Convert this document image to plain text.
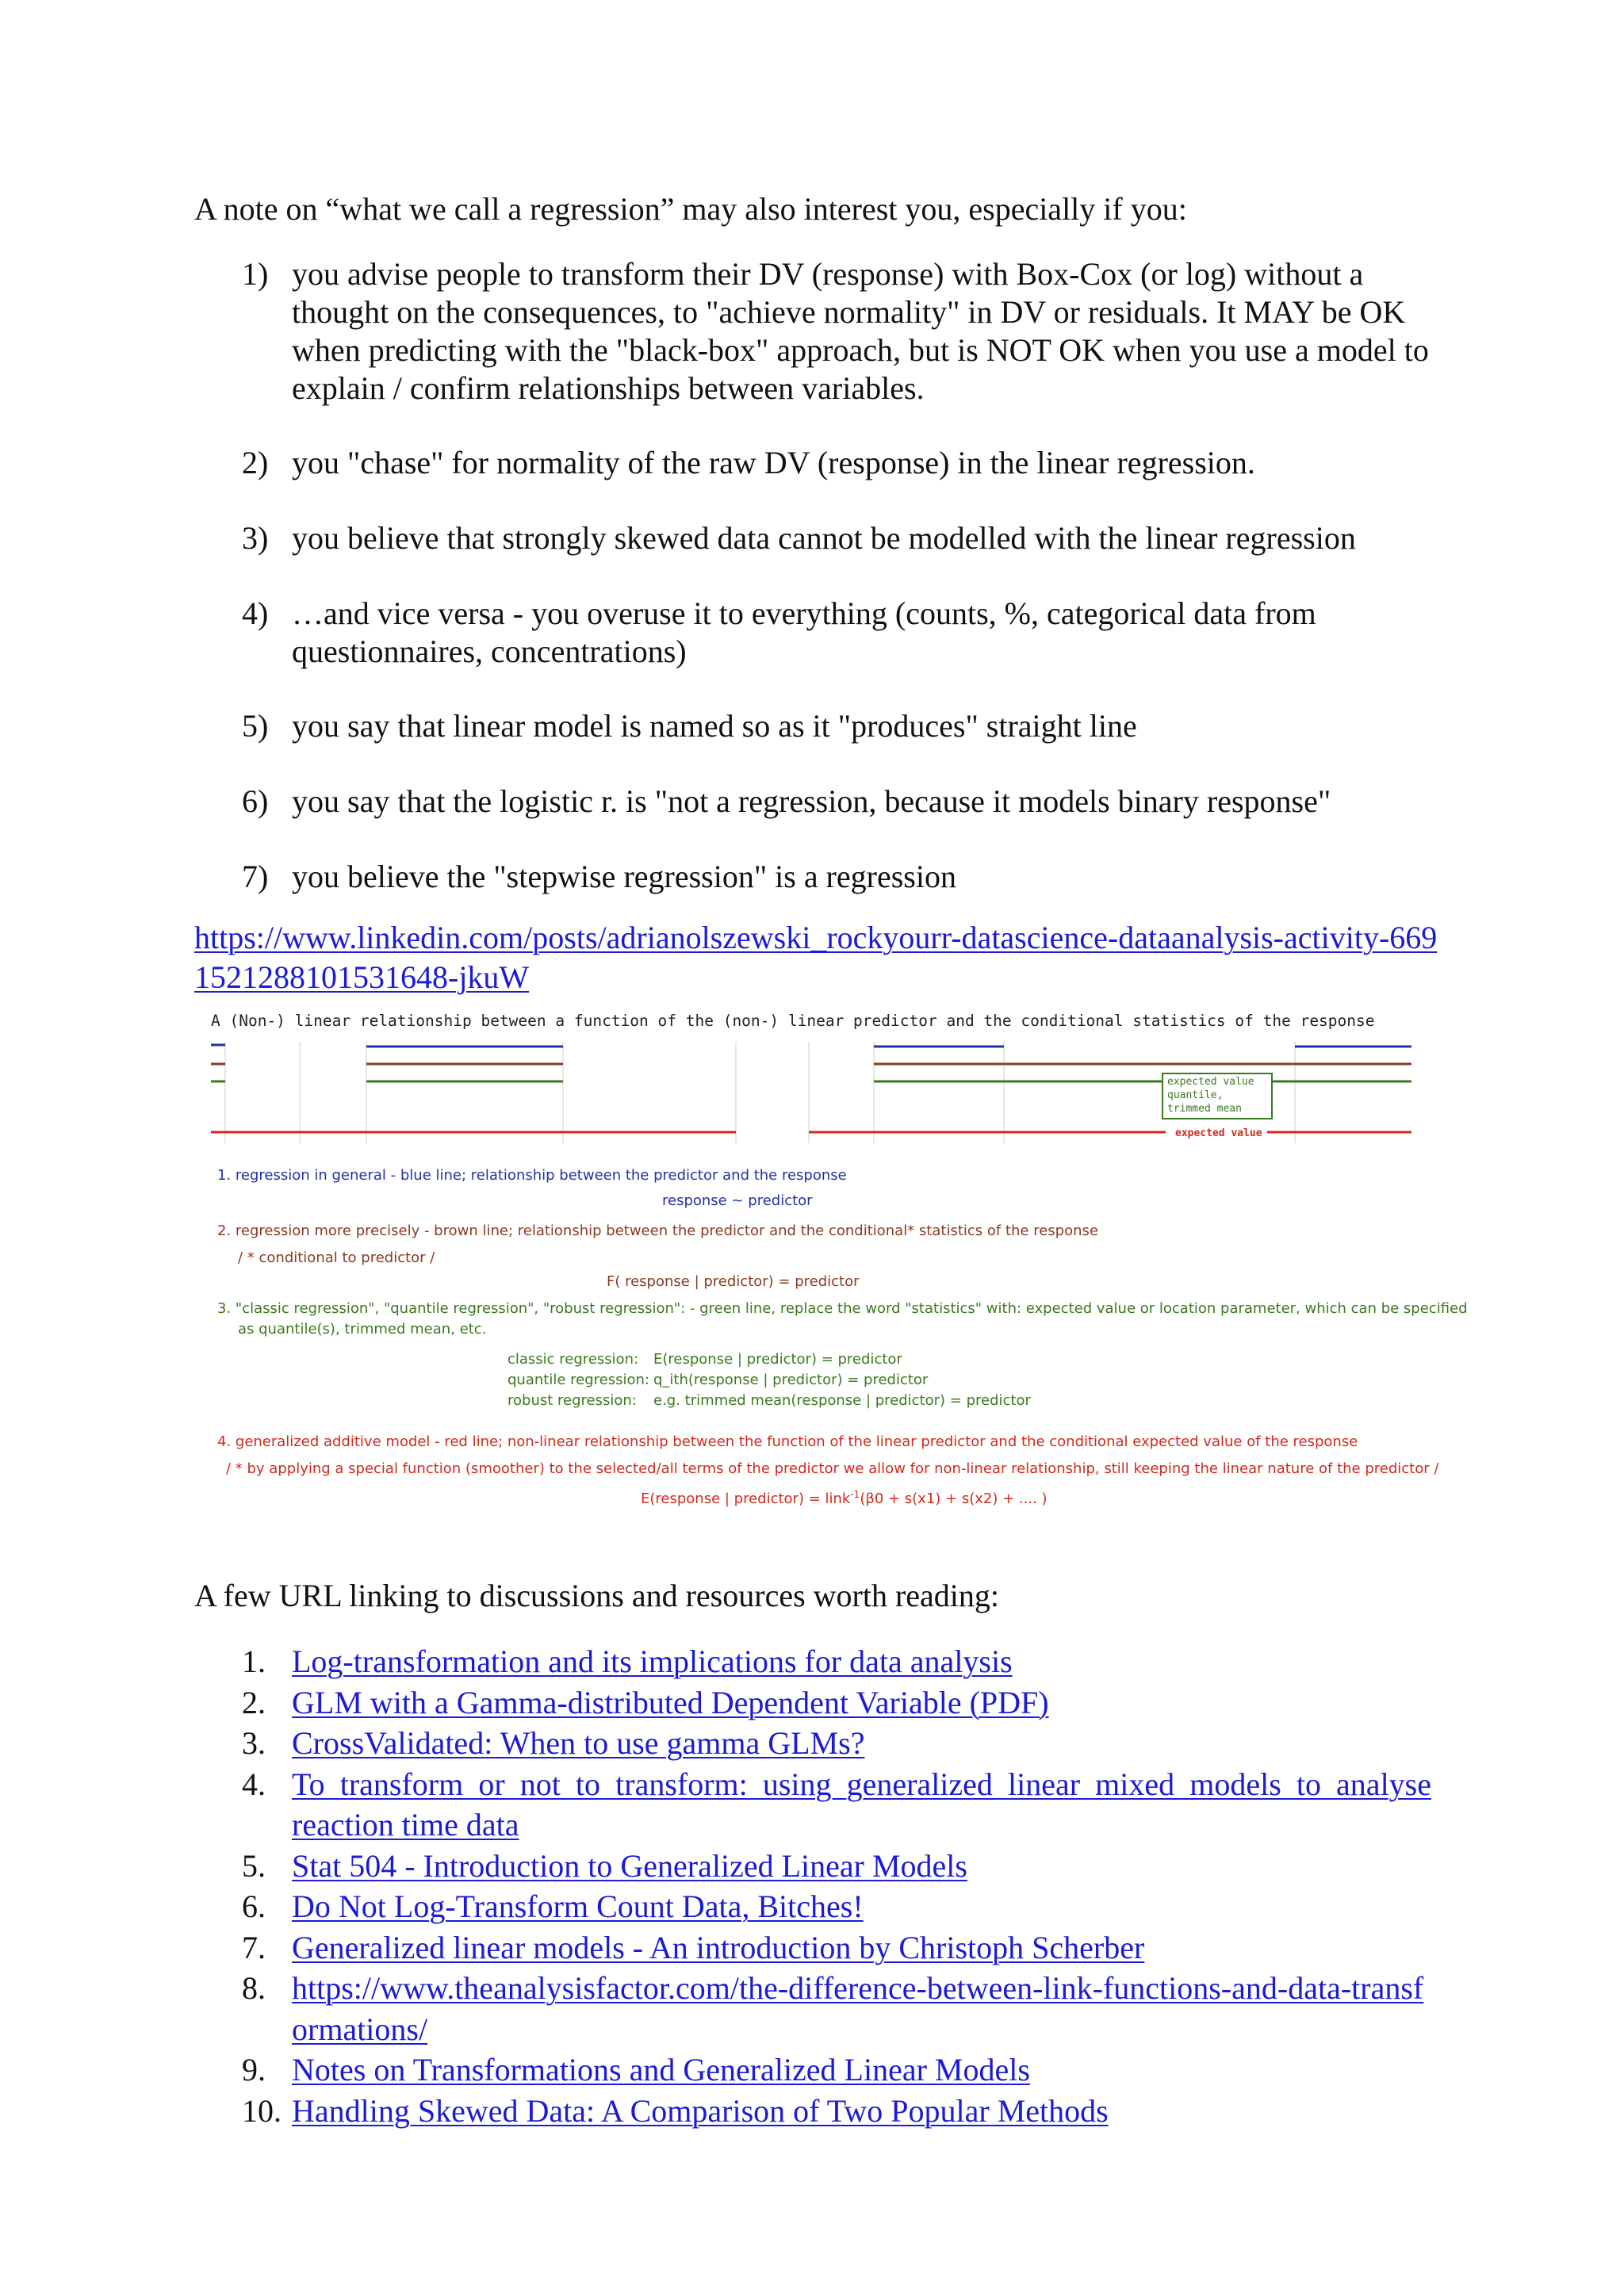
A note on “what we call a regression” may also interest you, especially if you:
1) you advise people to transform their DV (response) with Box-Cox (or log) without a thought on the consequences, to "achieve normality" in DV or residuals. It MAY be OK when predicting with the "black-box" approach, but is NOT OK when you use a model to explain / confirm relationships between variables.
2) you "chase" for normality of the raw DV (response) in the linear regression.
3) you believe that strongly skewed data cannot be modelled with the linear regression
4) …and vice versa - you overuse it to everything (counts, %, categorical data from questionnaires, concentrations)
5) you say that linear model is named so as it "produces" straight line
6) you say that the logistic r. is "not a regression, because it models binary response"
7) you believe the "stepwise regression" is a regression
https://www.linkedin.com/posts/adrianolszewski_rockyourr-datascience-dataanalysis-activity-6691521288101531648-jkuW
expected value
quantile,
trimmed mean
expected value
A (Non-) linear relationship between a function of the (non-) linear predictor and the conditional statistics of the response
1. regression in general - blue line; relationship between the predictor and the response
response ~ predictor
2. regression more precisely - brown line; relationship between the predictor and the conditional* statistics of the response
/ * conditional to predictor /
F( response | predictor) = predictor
3. "classic regression", "quantile regression", "robust regression": - green line, replace the word "statistics" with: expected value or location parameter, which can be specified
as quantile(s), trimmed mean, etc.
classic regression: E(response | predictor) = predictor
quantile regression: q_ith(response | predictor) = predictor
robust regression: e.g. trimmed mean(response | predictor) = predictor
4. generalized additive model - red line; non-linear relationship between the function of the linear predictor and the conditional expected value of the response
/ * by applying a special function (smoother) to the selected/all terms of the predictor we allow for non-linear relationship, still keeping the linear nature of the predictor /
E(response | predictor) = link$^{-1}$(β0 + s(x1) + s(x2) + .... )
A few URL linking to discussions and resources worth reading:
1. Log-transformation and its implications for data analysis
2. GLM with a Gamma-distributed Dependent Variable (PDF)
3. CrossValidated: When to use gamma GLMs?
4. To transform or not to transform: using generalized linear mixed models to analyse reaction time data
5. Stat 504 - Introduction to Generalized Linear Models
6. Do Not Log-Transform Count Data, Bitches!
7. Generalized linear models - An introduction by Christoph Scherber
8. https://www.theanalysisfactor.com/the-difference-between-link-functions-and-data-transformations/
9. Notes on Transformations and Generalized Linear Models
10. Handling Skewed Data: A Comparison of Two Popular Methods
